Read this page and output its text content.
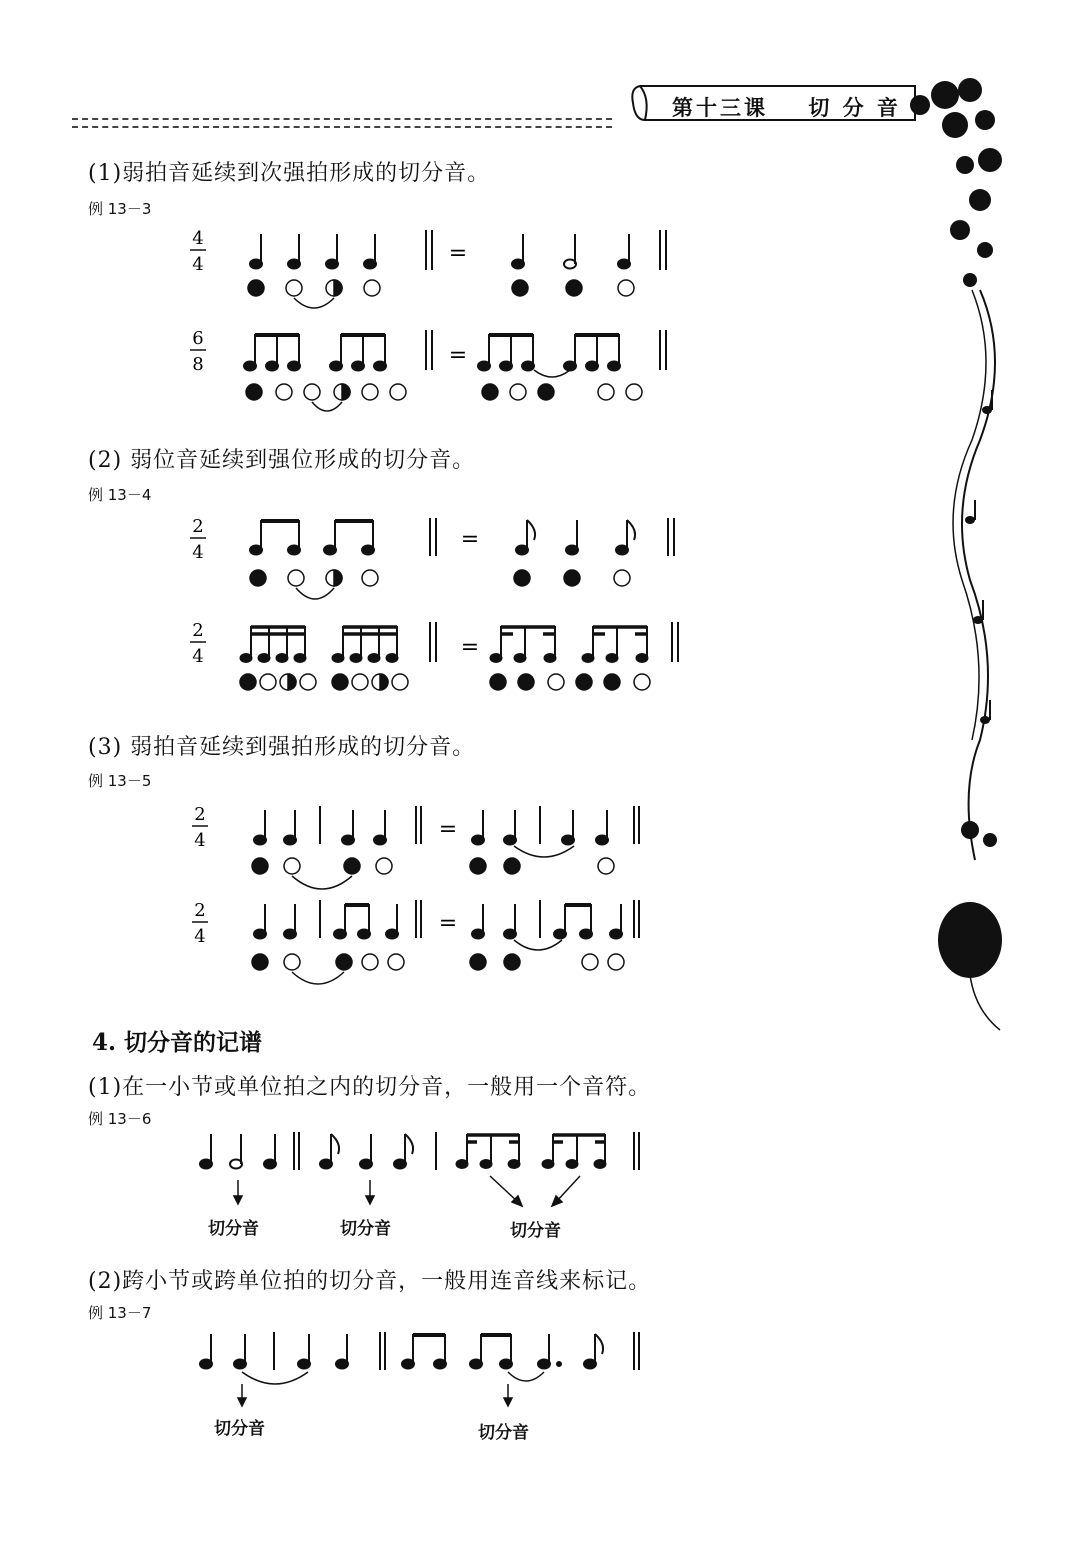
第十三课 切 分 音
(1)弱拍音延续到次强拍形成的切分音。
例 13－3
4
4	=
6
8	=
(2) 弱位音延续到强位形成的切分音。
例 13－4
2
4
=
2
4	=
(3) 弱拍音延续到强拍形成的切分音。
例 13－5
2
4	=
2
4
=
4. 切分音的记谱
(1)在一小节或单位拍之内的切分音，一般用一个音符。
例 13－6
切分音	切分音	切分音
(2)跨小节或跨单位拍的切分音，一般用连音线来标记。
例 13－7
切分音	切分音
